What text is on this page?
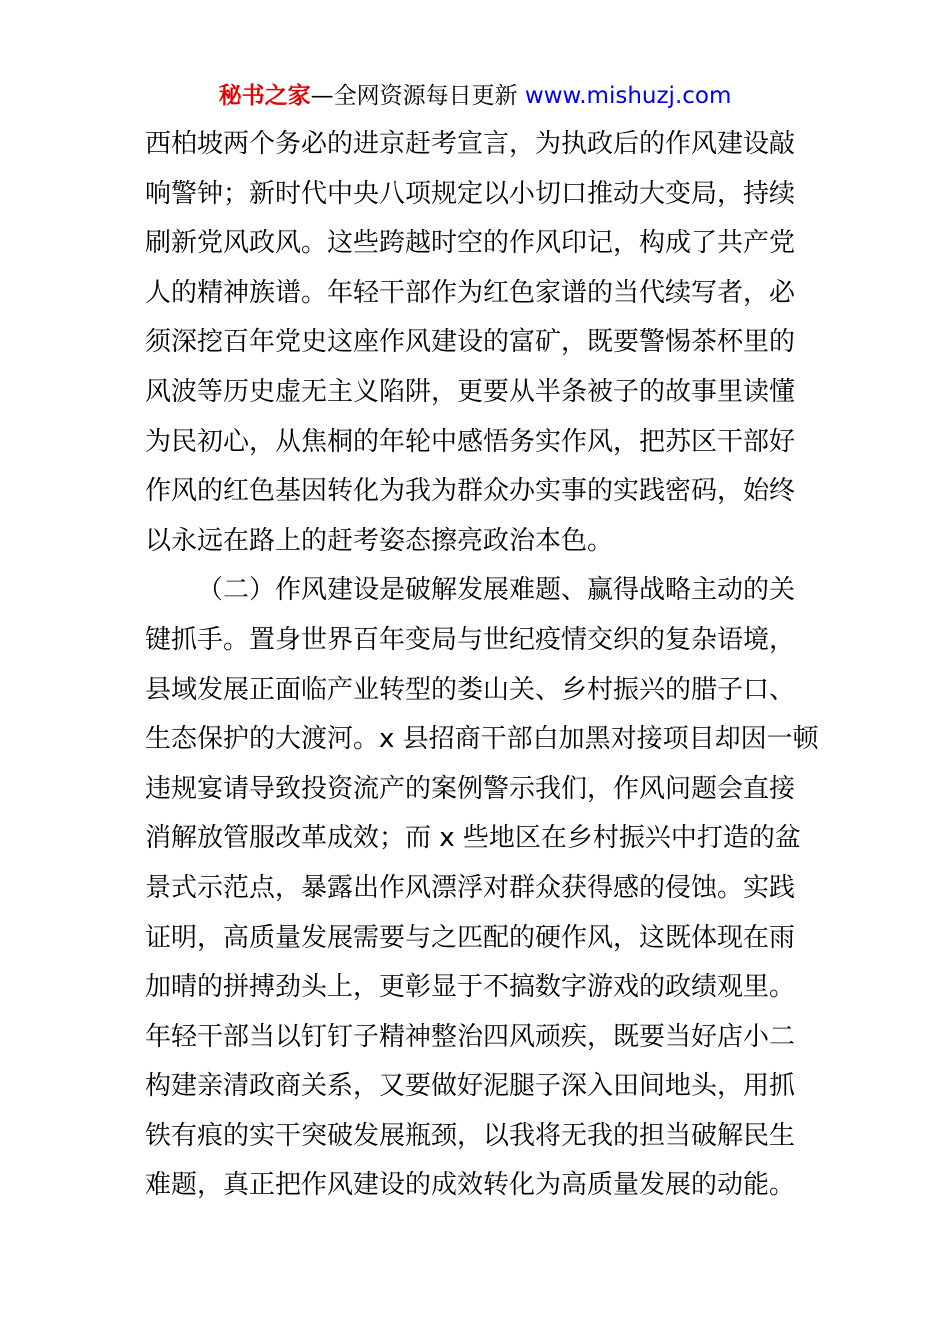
秘书之家—全网资源每日更新 www.mishuzj.com
西柏坡两个务必的进京赶考宣言，为执政后的作风建设敲
响警钟；新时代中央八项规定以小切口推动大变局，持续
刷新党风政风。这些跨越时空的作风印记，构成了共产党
人的精神族谱。年轻干部作为红色家谱的当代续写者，必
须深挖百年党史这座作风建设的富矿，既要警惕茶杯里的
风波等历史虚无主义陷阱，更要从半条被子的故事里读懂
为民初心，从焦桐的年轮中感悟务实作风，把苏区干部好
作风的红色基因转化为我为群众办实事的实践密码，始终
以永远在路上的赶考姿态擦亮政治本色。
（二）作风建设是破解发展难题、赢得战略主动的关
键抓手。置身世界百年变局与世纪疫情交织的复杂语境，
县域发展正面临产业转型的娄山关、乡村振兴的腊子口、
生态保护的大渡河。x 县招商干部白加黑对接项目却因一顿
违规宴请导致投资流产的案例警示我们，作风问题会直接
消解放管服改革成效；而 x 些地区在乡村振兴中打造的盆
景式示范点，暴露出作风漂浮对群众获得感的侵蚀。实践
证明，高质量发展需要与之匹配的硬作风，这既体现在雨
加晴的拼搏劲头上，更彰显于不搞数字游戏的政绩观里。
年轻干部当以钉钉子精神整治四风顽疾，既要当好店小二
构建亲清政商关系，又要做好泥腿子深入田间地头，用抓
铁有痕的实干突破发展瓶颈，以我将无我的担当破解民生
难题，真正把作风建设的成效转化为高质量发展的动能。
